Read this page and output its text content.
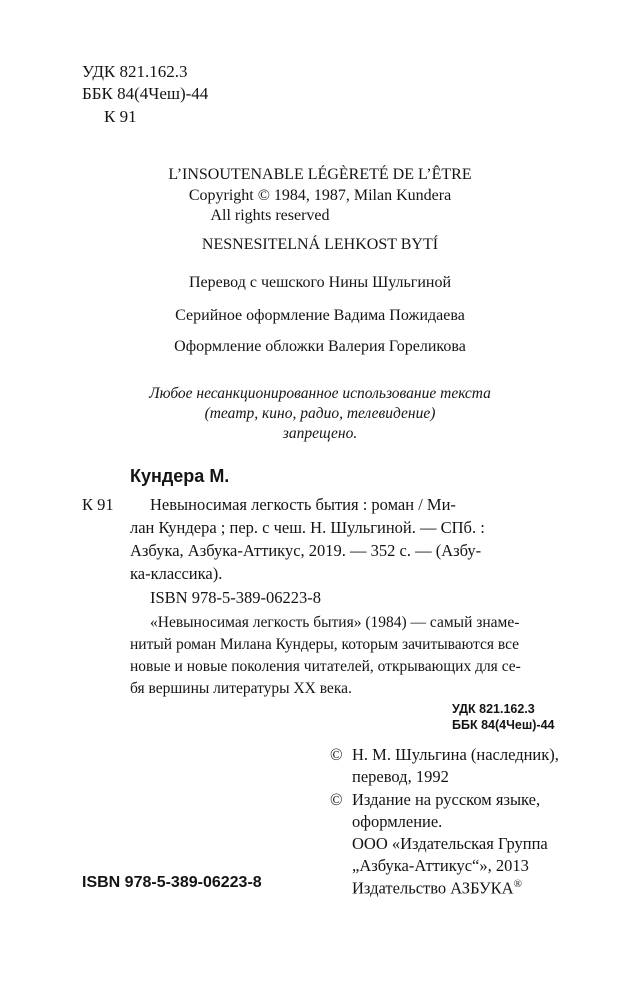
УДК 821.162.3
ББК 84(4Чеш)-44
К 91
L’INSOUTENABLE LÉGÈRETÉ DE L’ÊTRE
Copyright © 1984, 1987, Milan Kundera
All rights reserved
NESNESITELNÁ LEHKOST BYTÍ
Перевод с чешского Нины Шульгиной
Серийное оформление Вадима Пожидаева
Оформление обложки Валерия Гореликова
Любое несанкционированное использование текста
(театр, кино, радио, телевидение)
запрещено.
Кундера М.
К 91 Невыносимая легкость бытия : роман / Ми-
лан Кундера ; пер. с чеш. Н. Шульгиной. — СПб. :
Азбука, Азбука-Аттикус, 2019. — 352 с. — (Азбу-
ка-классика).
ISBN 978-5-389-06223-8
«Невыносимая легкость бытия» (1984) — самый знаме-
нитый роман Милана Кундеры, которым зачитываются все
новые и новые поколения читателей, открывающих для се-
бя вершины литературы XX века.
УДК 821.162.3
ББК 84(4Чеш)-44
© Н. М. Шульгина (наследник),
перевод, 1992
© Издание на русском языке,
оформление.
ООО «Издательская Группа
„Азбука-Аттикус“», 2013
Издательство АЗБУКА®
ISBN 978-5-389-06223-8
